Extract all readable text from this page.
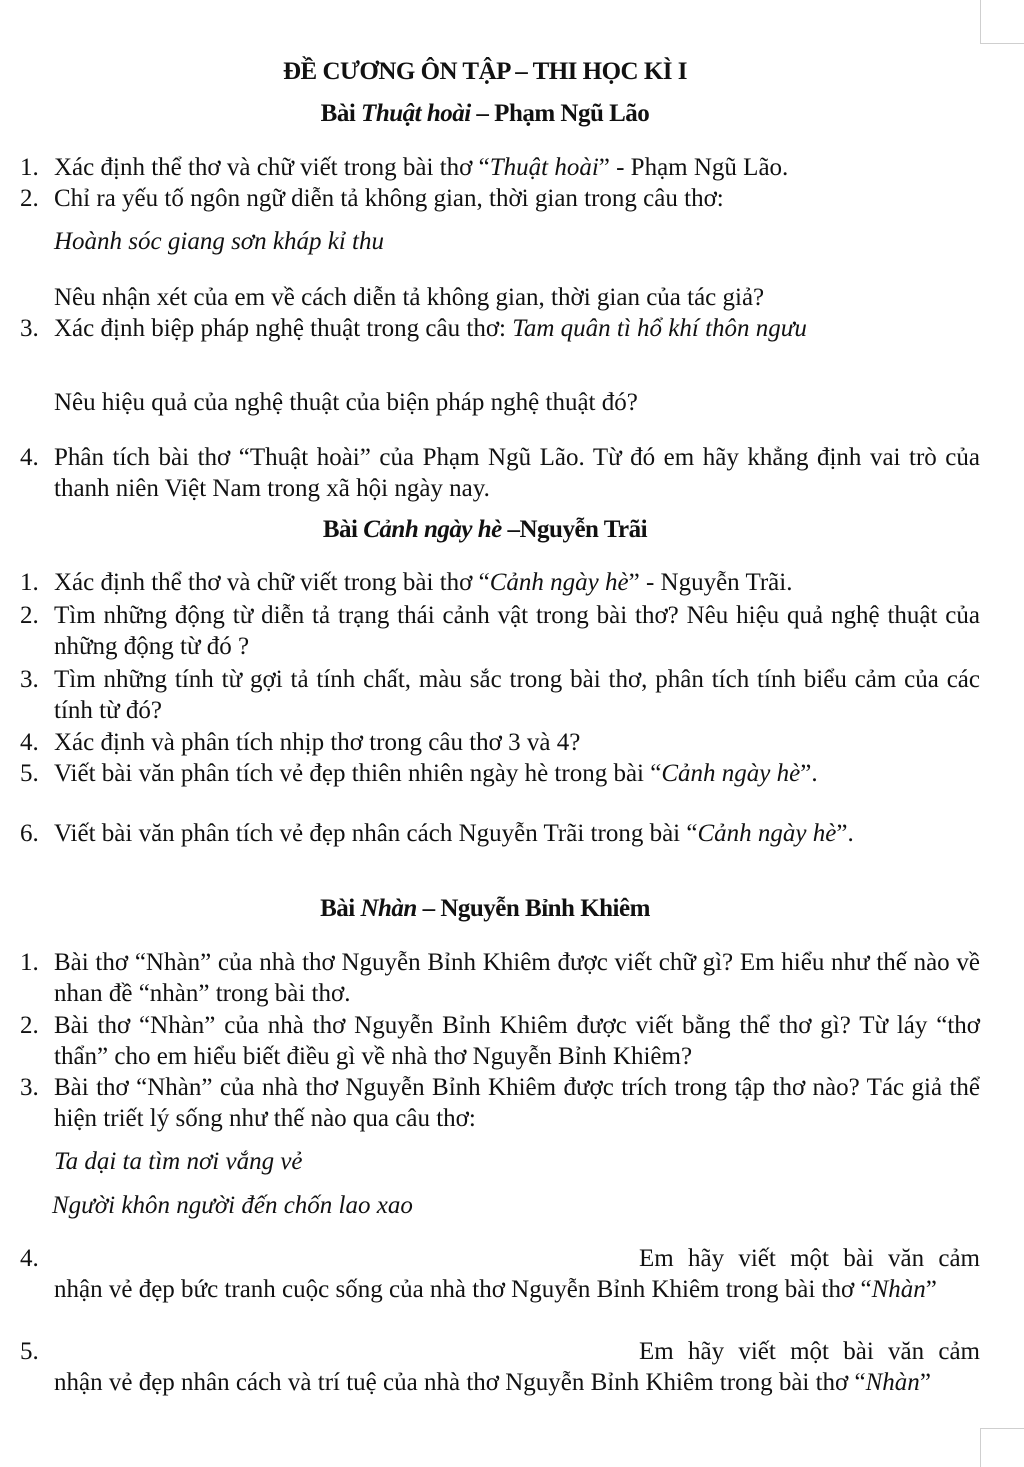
ĐỀ CƯƠNG ÔN TẬP – THI HỌC KÌ I
Bài Thuật hoài – Phạm Ngũ Lão
1. Xác định thể thơ và chữ viết trong bài thơ “Thuật hoài” - Phạm Ngũ Lão.
2. Chỉ ra yếu tố ngôn ngữ diễn tả không gian, thời gian trong câu thơ:
Hoành sóc giang sơn kháp kỉ thu
Nêu nhận xét của em về cách diễn tả không gian, thời gian của tác giả?
3. Xác định biệp pháp nghệ thuật trong câu thơ: Tam quân tì hổ khí thôn ngưu
Nêu hiệu quả của nghệ thuật của biện pháp nghệ thuật đó?
4. Phân tích bài thơ “Thuật hoài” của Phạm Ngũ Lão. Từ đó em hãy khẳng định vai trò của thanh niên Việt Nam trong xã hội ngày nay.
Bài Cảnh ngày hè –Nguyễn Trãi
1. Xác định thể thơ và chữ viết trong bài thơ “Cảnh ngày hè” - Nguyễn Trãi.
2. Tìm những động từ diễn tả trạng thái cảnh vật trong bài thơ? Nêu hiệu quả nghệ thuật của những động từ đó ?
3. Tìm những tính từ gợi tả tính chất, màu sắc trong bài thơ, phân tích tính biểu cảm của các tính từ đó?
4. Xác định và phân tích nhịp thơ trong câu thơ 3 và 4?
5. Viết bài văn phân tích vẻ đẹp thiên nhiên ngày hè trong bài “Cảnh ngày hè”.
6. Viết bài văn phân tích vẻ đẹp nhân cách Nguyễn Trãi trong bài “Cảnh ngày hè”.
Bài Nhàn – Nguyễn Bỉnh Khiêm
1. Bài thơ “Nhàn” của nhà thơ Nguyễn Bỉnh Khiêm được viết chữ gì? Em hiểu như thế nào về nhan đề “nhàn” trong bài thơ.
2. Bài thơ “Nhàn” của nhà thơ Nguyễn Bỉnh Khiêm được viết bằng thể thơ gì? Từ láy “thơ thẩn” cho em hiểu biết điều gì về nhà thơ Nguyễn Bỉnh Khiêm?
3. Bài thơ “Nhàn” của nhà thơ Nguyễn Bỉnh Khiêm được trích trong tập thơ nào? Tác giả thể hiện triết lý sống như thế nào qua câu thơ:
Ta dại ta tìm nơi vắng vẻ
Người khôn người đến chốn lao xao
4.	Em hãy viết một bài văn cảm
nhận vẻ đẹp bức tranh cuộc sống của nhà thơ Nguyễn Bỉnh Khiêm trong bài thơ “Nhàn”
5.	Em hãy viết một bài văn cảm
nhận vẻ đẹp nhân cách và trí tuệ của nhà thơ Nguyễn Bỉnh Khiêm trong bài thơ “Nhàn”
